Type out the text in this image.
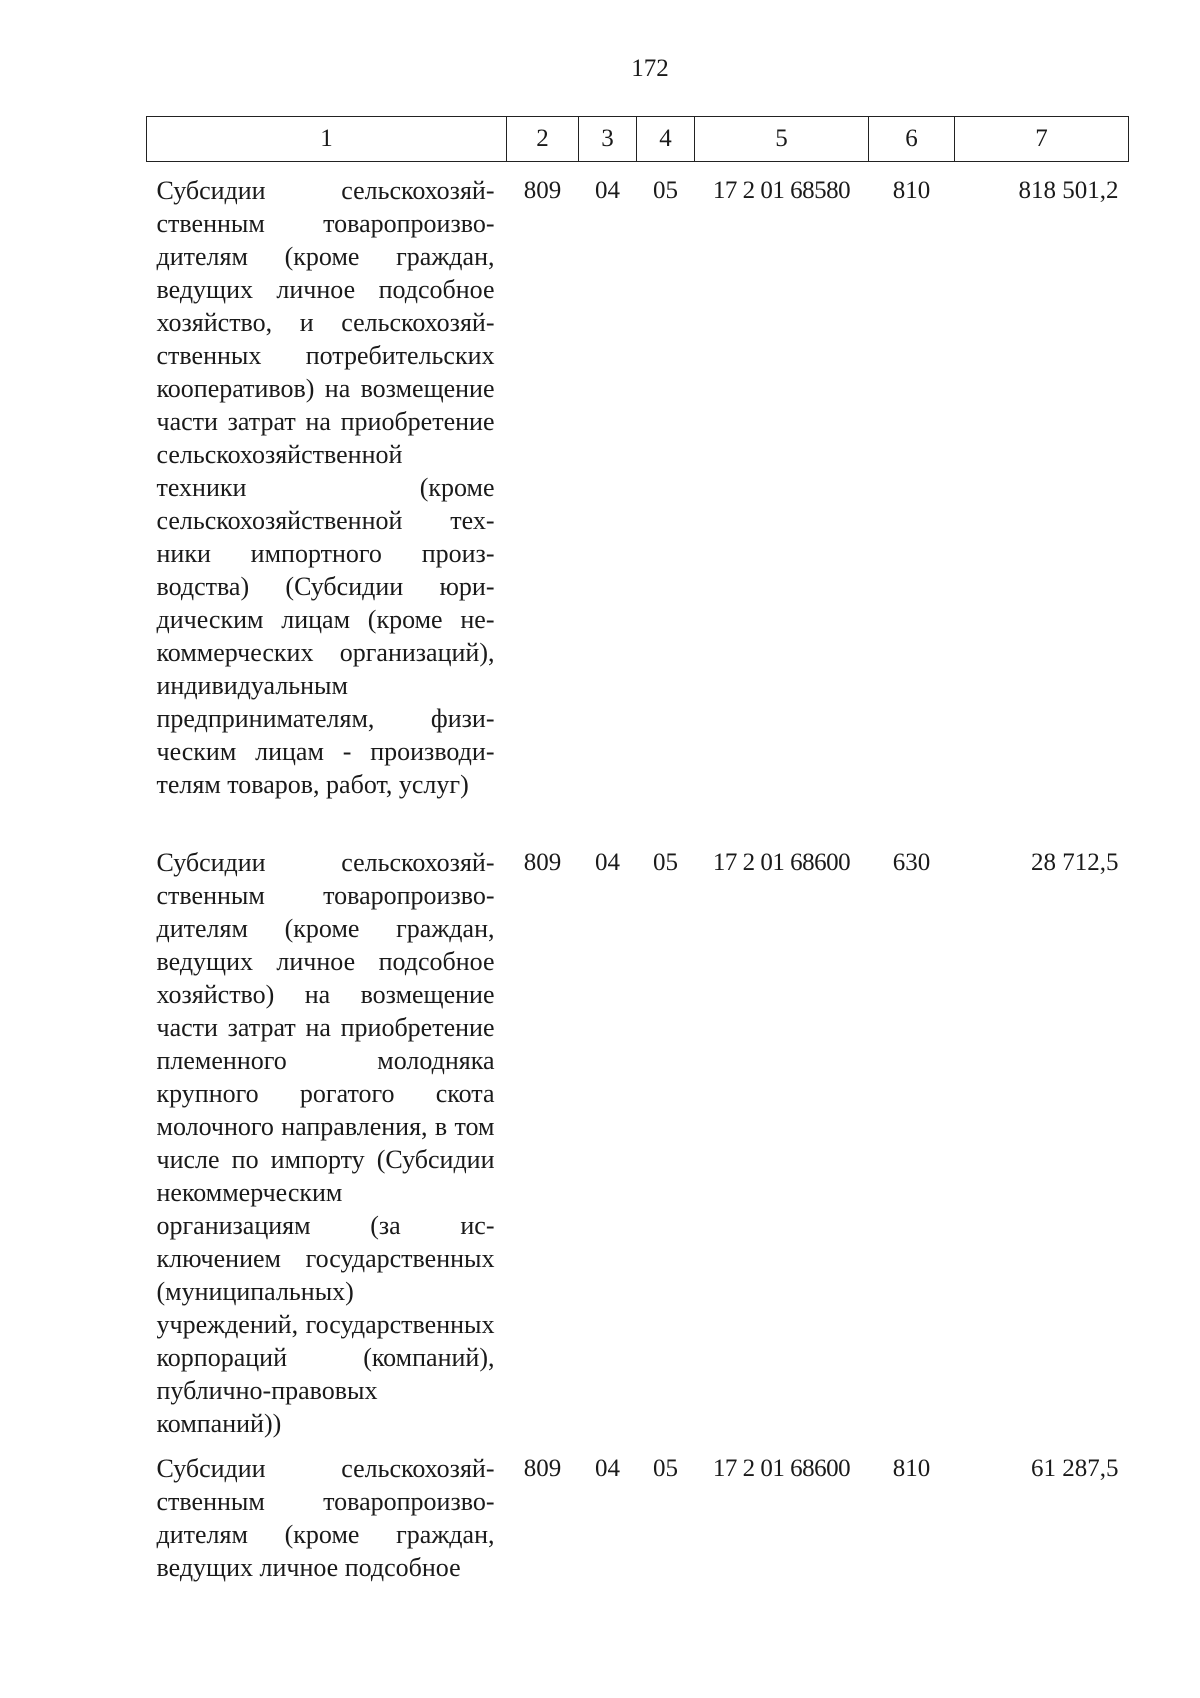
172
1	2	3	4	5	6	7
Субсидии сельскохозяйственным товаропроизводителям (кроме граждан, ведущих личное подсобное хозяйство, и сельскохозяйственных потребительских кооперативов) на возмещение части затрат на приобретение сельскохозяйственной техники (кроме сельскохозяйственной техники импортного производства) (Субсидии юридическим лицам (кроме некоммерческих организаций), индивидуальным предпринимателям, физическим лицам - производителям товаров, работ, услуг)	809	04	05	17 2 01 68580	810	818 501,2
Субсидии сельскохозяйственным товаропроизводителям (кроме граждан, ведущих личное подсобное хозяйство) на возмещение части затрат на приобретение племенного молодняка крупного рогатого скота молочного направления, в том числе по импорту (Субсидии некоммерческим организациям (за исключением государственных (муниципальных) учреждений, государственных корпораций (компаний), публично-правовых компаний))	809	04	05	17 2 01 68600	630	28 712,5
Субсидии сельскохозяйственным товаропроизводителям (кроме граждан, ведущих личное подсобное	809	04	05	17 2 01 68600	810	61 287,5
